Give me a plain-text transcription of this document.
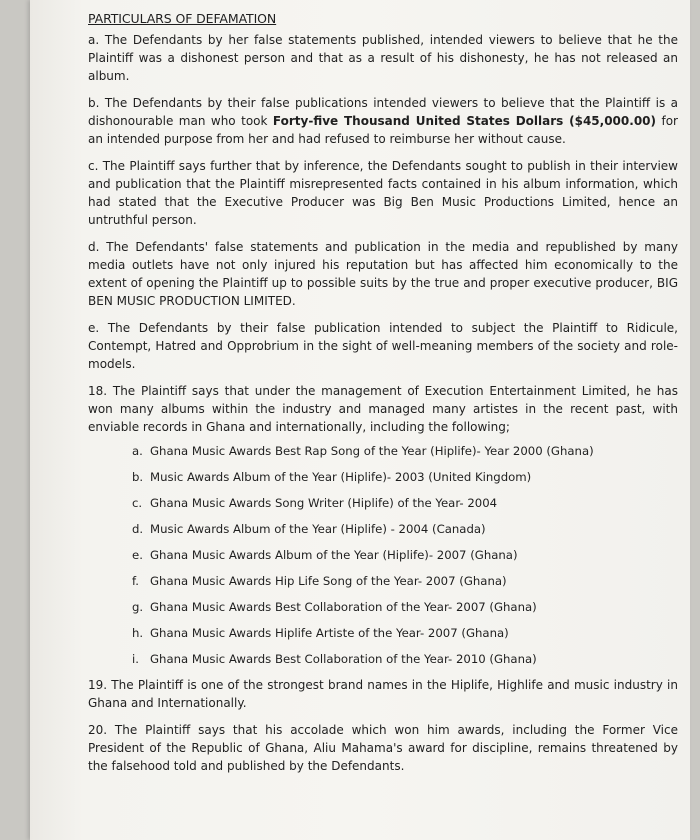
PARTICULARS OF DEFAMATION

a. The Defendants by her false statements published, intended viewers to believe that he the Plaintiff was a dishonest person and that as a result of his dishonesty, he has not released an album.

b. The Defendants by their false publications intended viewers to believe that the Plaintiff is a dishonourable man who took Forty-five Thousand United States Dollars ($45,000.00) for an intended purpose from her and had refused to reimburse her without cause.

c. The Plaintiff says further that by inference, the Defendants sought to publish in their interview and publication that the Plaintiff misrepresented facts contained in his album information, which had stated that the Executive Producer was Big Ben Music Productions Limited, hence an untruthful person.

d. The Defendants' false statements and publication in the media and republished by many media outlets have not only injured his reputation but has affected him economically to the extent of opening the Plaintiff up to possible suits by the true and proper executive producer, BIG BEN MUSIC PRODUCTION LIMITED.

e. The Defendants by their false publication intended to subject the Plaintiff to Ridicule, Contempt, Hatred and Opprobrium in the sight of well-meaning members of the society and role-models.

18. The Plaintiff says that under the management of Execution Entertainment Limited, he has won many albums within the industry and managed many artistes in the recent past, with enviable records in Ghana and internationally, including the following;

a. Ghana Music Awards Best Rap Song of the Year (Hiplife)- Year 2000 (Ghana)
b. Music Awards Album of the Year (Hiplife)- 2003 (United Kingdom)
c. Ghana Music Awards Song Writer (Hiplife) of the Year- 2004
d. Music Awards Album of the Year (Hiplife) - 2004 (Canada)
e. Ghana Music Awards Album of the Year (Hiplife)- 2007 (Ghana)
f. Ghana Music Awards Hip Life Song of the Year- 2007 (Ghana)
g. Ghana Music Awards Best Collaboration of the Year- 2007 (Ghana)
h. Ghana Music Awards Hiplife Artiste of the Year- 2007 (Ghana)
i. Ghana Music Awards Best Collaboration of the Year- 2010 (Ghana)

19. The Plaintiff is one of the strongest brand names in the Hiplife, Highlife and music industry in Ghana and Internationally.

20. The Plaintiff says that his accolade which won him awards, including the Former Vice President of the Republic of Ghana, Aliu Mahama's award for discipline, remains threatened by the falsehood told and published by the Defendants.
